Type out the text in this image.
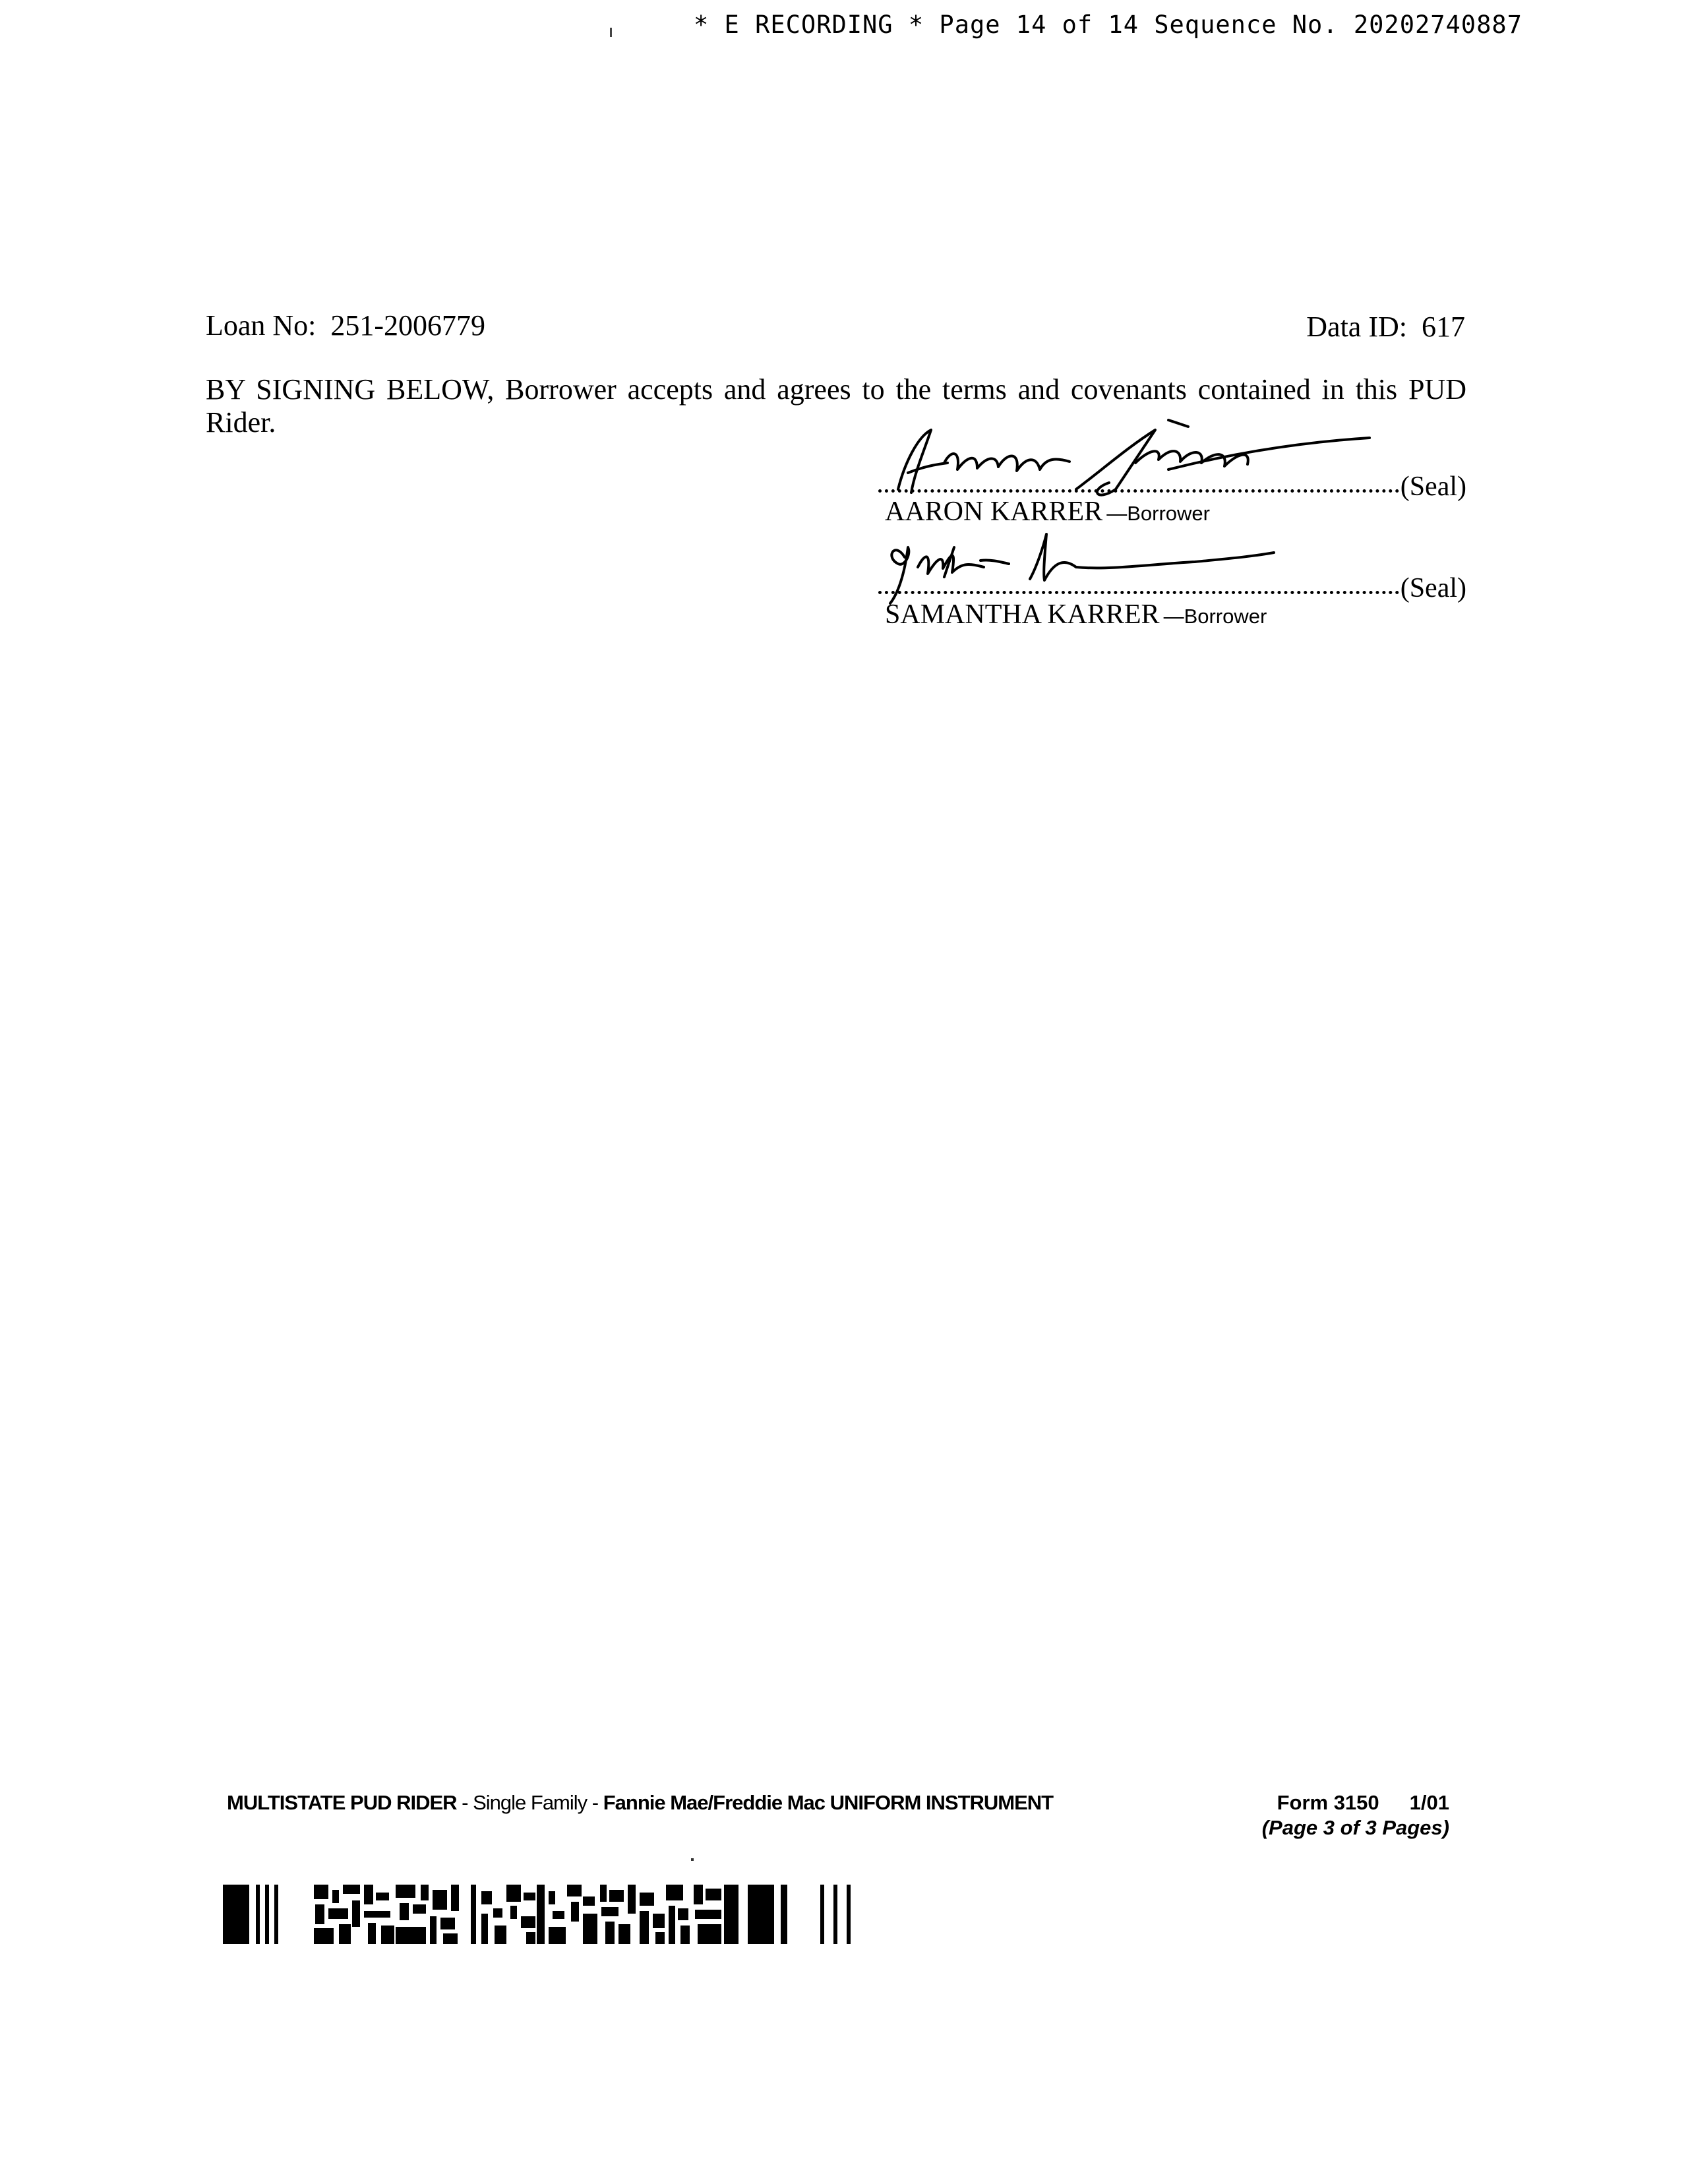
* E RECORDING * Page 14 of 14 Sequence No. 20202740887
Loan No: 251-2006779	Data ID: 617
BY SIGNING BELOW, Borrower accepts and agrees to the terms and covenants contained in this PUD Rider.
(Seal)
AARON KARRER —Borrower
(Seal)
SAMANTHA KARRER —Borrower
MULTISTATE PUD RIDER - Single Family - Fannie Mae/Freddie Mac UNIFORM INSTRUMENT	Form 3150 1/01
(Page 3 of 3 Pages)
